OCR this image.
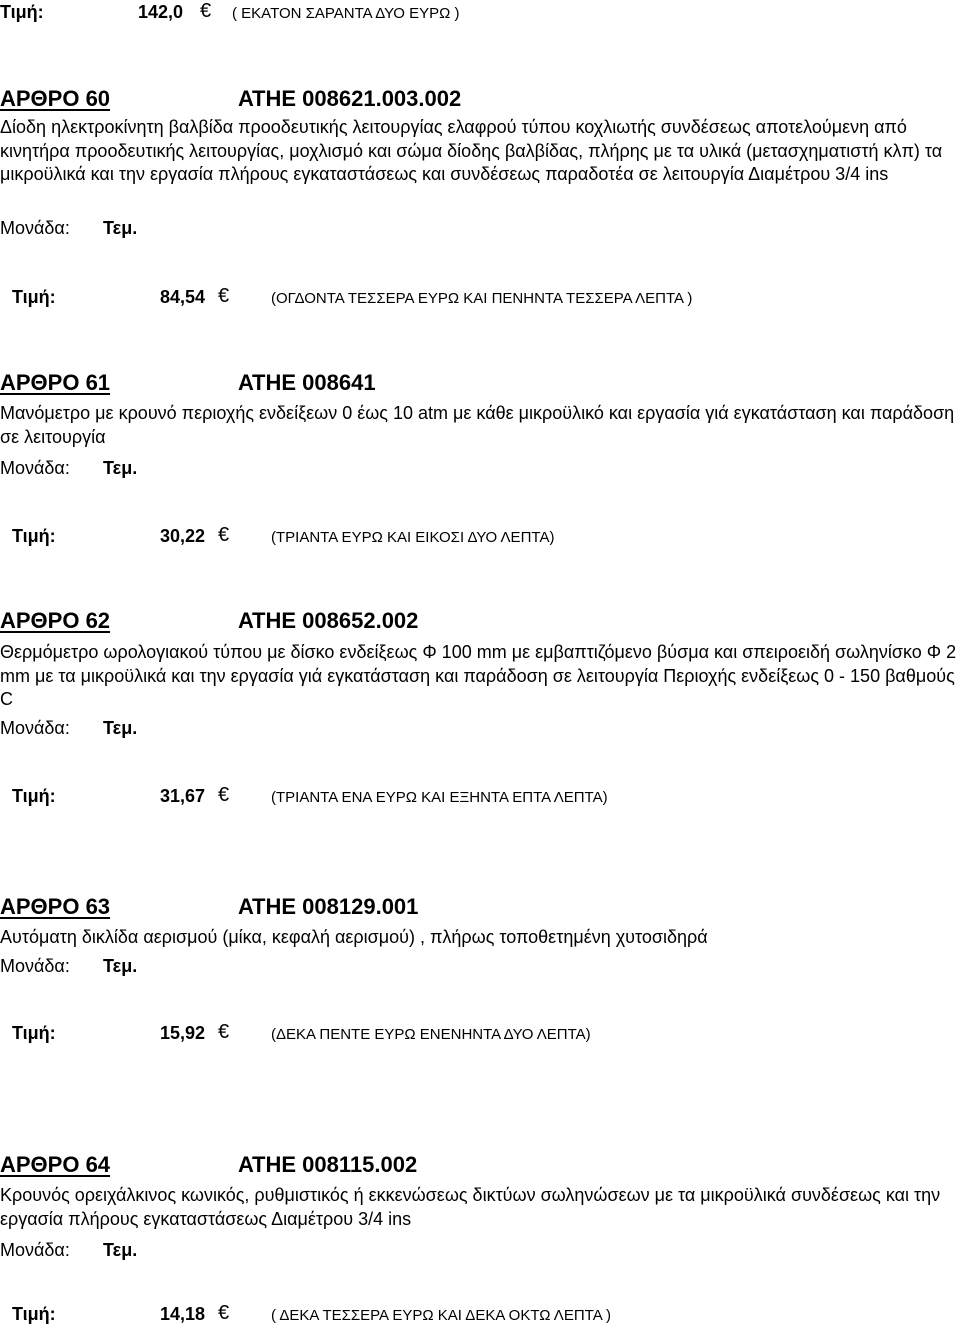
Τιμή:	142,0 € ( ΕΚΑΤΟΝ ΣΑΡΑΝΤΑ ΔΥΟ ΕΥΡΩ )
ΑΡΘΡΟ 60	ΑΤΗΕ 008621.003.002
Δίοδη ηλεκτροκίνητη βαλβίδα προοδευτικής λειτουργίας ελαφρού τύπου κοχλιωτής συνδέσεως αποτελούμενη από κινητήρα προοδευτικής λειτουργίας, μοχλισμό και σώμα δίοδης βαλβίδας, πλήρης με τα υλικά (μετασχηματιστή κλπ) τα μικροϋλικά και την εργασία πλήρους εγκαταστάσεως και συνδέσεως παραδοτέα σε λειτουργία Διαμέτρου 3/4 ins
Μονάδα: Τεμ.
Τιμή:	84,54 €	(ΟΓΔΟΝΤΑ ΤΕΣΣΕΡΑ ΕΥΡΩ ΚΑΙ ΠΕΝΗΝΤΑ ΤΕΣΣΕΡΑ ΛΕΠΤΑ )
ΑΡΘΡΟ 61	ΑΤΗΕ 008641
Μανόμετρο με κρουνό περιοχής ενδείξεων 0 έως 10 atm με κάθε μικροϋλικό και εργασία γιά εγκατάσταση και παράδοση σε λειτουργία
Μονάδα: Τεμ.
Τιμή:	30,22 €	(ΤΡΙΑΝΤΑ ΕΥΡΩ ΚΑΙ ΕΙΚΟΣΙ ΔΥΟ ΛΕΠΤΑ)
ΑΡΘΡΟ 62	ΑΤΗΕ 008652.002
Θερμόμετρο ωρολογιακού τύπου με δίσκο ενδείξεως Φ 100 mm με εμβαπτιζόμενο βύσμα και σπειροειδή σωληνίσκο Φ 2 mm με τα μικροϋλικά και την εργασία γιά εγκατάσταση και παράδοση σε λειτουργία Περιοχής ενδείξεως 0 - 150 βαθμούς C
Μονάδα: Τεμ.
Τιμή:	31,67 €	(ΤΡΙΑΝΤΑ ΕΝΑ ΕΥΡΩ ΚΑΙ ΕΞΗΝΤΑ ΕΠΤΑ ΛΕΠΤΑ)
ΑΡΘΡΟ 63	ΑΤΗΕ 008129.001
Αυτόματη δικλίδα αερισμού (μίκα, κεφαλή αερισμού) , πλήρως τοποθετημένη χυτοσιδηρά
Μονάδα: Τεμ.
Τιμή:	15,92 €	(ΔΕΚΑ ΠΕΝΤΕ ΕΥΡΩ ΕΝΕΝΗΝΤΑ ΔΥΟ ΛΕΠΤΑ)
ΑΡΘΡΟ 64	ΑΤΗΕ 008115.002
Κρουνός ορειχάλκινος κωνικός, ρυθμιστικός ή εκκενώσεως δικτύων σωληνώσεων με τα μικροϋλικά συνδέσεως και την εργασία πλήρους εγκαταστάσεως Διαμέτρου 3/4 ins
Μονάδα: Τεμ.
Τιμή:	14,18 €	( ΔΕΚΑ ΤΕΣΣΕΡΑ ΕΥΡΩ ΚΑΙ ΔΕΚΑ ΟΚΤΩ ΛΕΠΤΑ )
